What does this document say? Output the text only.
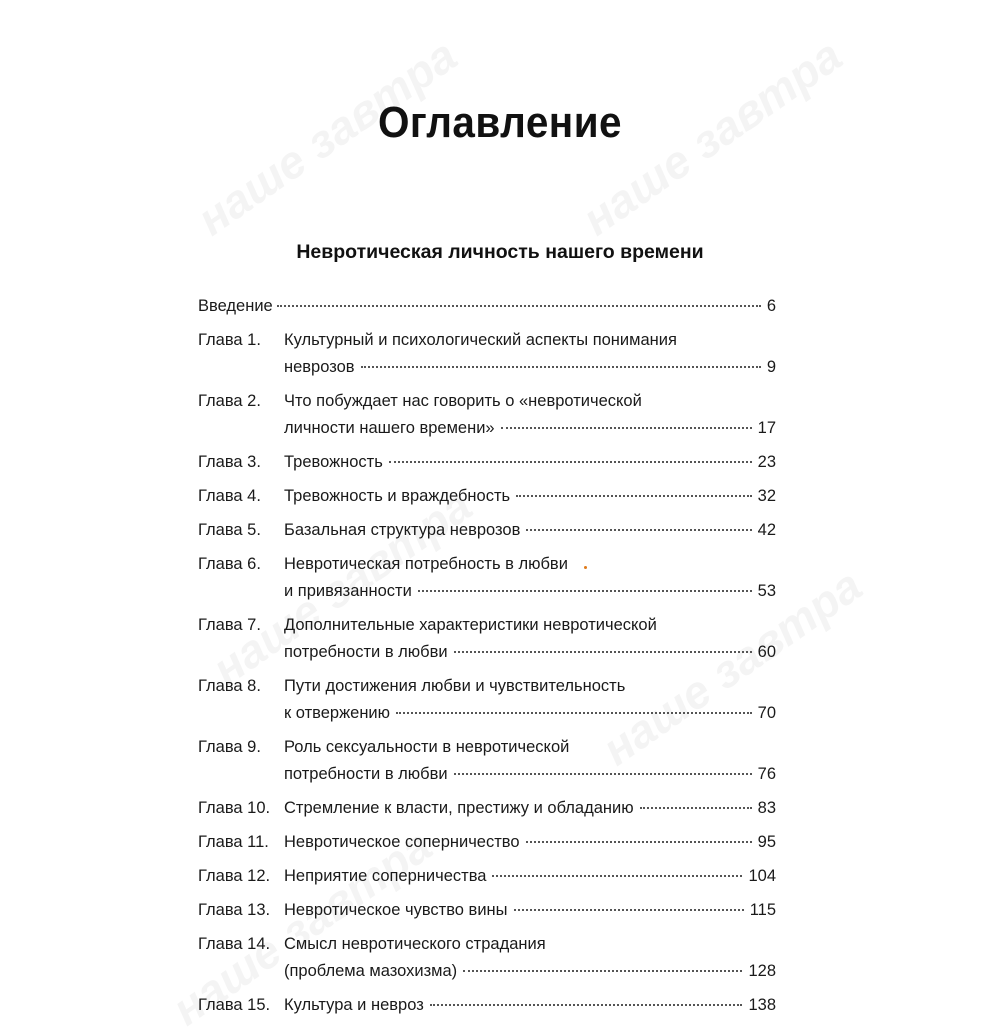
Оглавление
Невротическая личность нашего времени
Введение	6
Глава 1.	Культурный и психологический аспекты понимания
неврозов	9
Глава 2.	Что побуждает нас говорить о «невротической
личности нашего времени»	17
Глава 3.	Тревожность	23
Глава 4.	Тревожность и враждебность	32
Глава 5.	Базальная структура неврозов	42
Глава 6.	Невротическая потребность в любви
и привязанности	53
Глава 7.	Дополнительные характеристики невротической
потребности в любви	60
Глава 8.	Пути достижения любви и чувствительность
к отвержению	70
Глава 9.	Роль сексуальности в невротической
потребности в любви	76
Глава 10. Стремление к власти, престижу и обладанию	83
Глава 11. Невротическое соперничество	95
Глава 12. Неприятие соперничества	104
Глава 13. Невротическое чувство вины	115
Глава 14. Смысл невротического страдания
(проблема мазохизма)	128
Глава 15. Культура и невроз	138
